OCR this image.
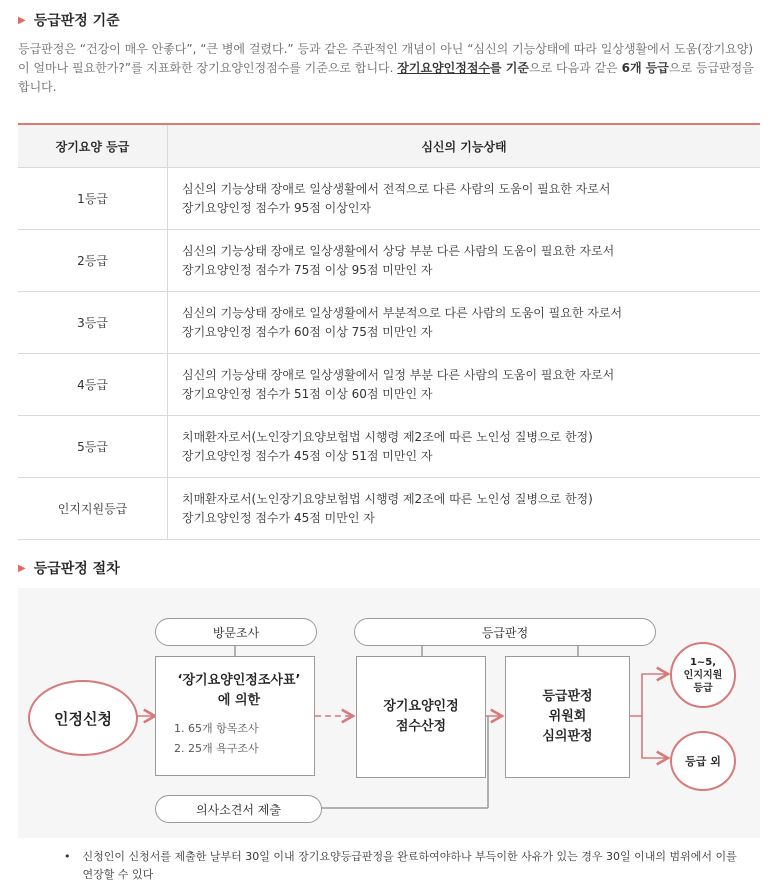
▶ 등급판정 기준
등급판정은 “건강이 매우 안좋다”, “큰 병에 걸렸다.” 등과 같은 주관적인 개념이 아닌 “심신의 기능상태에 따라 일상생활에서 도움(장기요양)이 얼마나 필요한가?”를 지표화한 장기요양인정점수를 기준으로 합니다. 장기요양인정점수를 기준으로 다음과 같은 6개 등급으로 등급판정을 합니다.
장기요양 등급	심신의 기능상태
1등급	심신의 기능상태 장애로 일상생활에서 전적으로 다른 사람의 도움이 필요한 자로서
장기요양인정 점수가 95점 이상인자

2등급	심신의 기능상태 장애로 일상생활에서 상당 부분 다른 사람의 도움이 필요한 자로서
장기요양인정 점수가 75점 이상 95점 미만인 자

3등급	심신의 기능상태 장애로 일상생활에서 부분적으로 다른 사람의 도움이 필요한 자로서
장기요양인정 점수가 60점 이상 75점 미만인 자

4등급	심신의 기능상태 장애로 일상생활에서 일정 부분 다른 사람의 도움이 필요한 자로서
장기요양인정 점수가 51점 이상 60점 미만인 자

5등급	치매환자로서(노인장기요양보험법 시행령 제2조에 따른 노인성 질병으로 한정)
장기요양인정 점수가 45점 이상 51점 미만인 자

인지지원등급	치매환자로서(노인장기요양보험법 시행령 제2조에 따른 노인성 질병으로 한정)
장기요양인정 점수가 45점 미만인 자
▶ 등급판정 절차
인정신청
방문조사	등급판정
‘장기요양인정조사표’
에 의한
1. 65개 항목조사
2. 25개 욕구조사
장기요양인정
점수산정
등급판정
위원회
심의판정
1~5,
인지지원
등급
등급 외
의사소견서 제출
• 신청인이 신청서를 제출한 날부터 30일 이내 장기요양등급판정을 완료하여야하나 부득이한 사유가 있는 경우 30일 이내의 범위에서 이를 연장할 수 있다
